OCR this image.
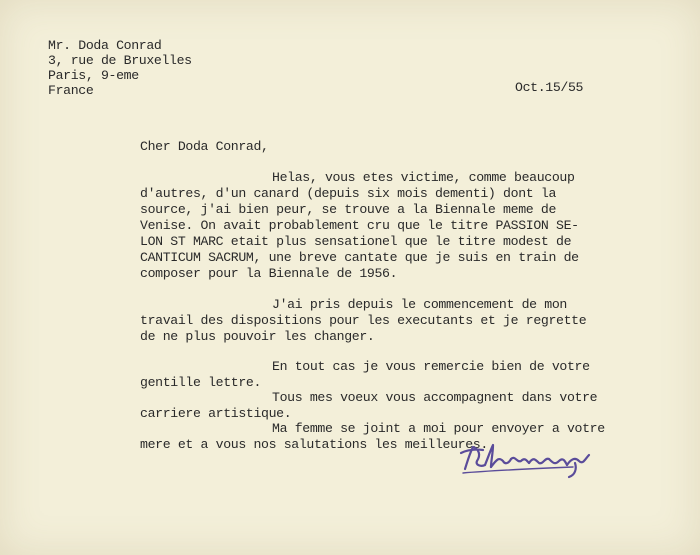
Mr. Doda Conrad
3, rue de Bruxelles
Paris, 9-eme
France	Oct.15/55
Cher Doda Conrad,
Helas, vous etes victime, comme beaucoup
d'autres, d'un canard (depuis six mois dementi) dont la
source, j'ai bien peur, se trouve a la Biennale meme de
Venise. On avait probablement cru que le titre PASSION SE-
LON ST MARC etait plus sensationel que le titre modest de
CANTICUM SACRUM, une breve cantate que je suis en train de
composer pour la Biennale de 1956.
J'ai pris depuis le commencement de mon
travail des dispositions pour les executants et je regrette
de ne plus pouvoir les changer.
En tout cas je vous remercie bien de votre
gentille lettre.
Tous mes voeux vous accompagnent dans votre
carriere artistique.
Ma femme se joint a moi pour envoyer a votre
mere et a vous nos salutations les meilleures.
